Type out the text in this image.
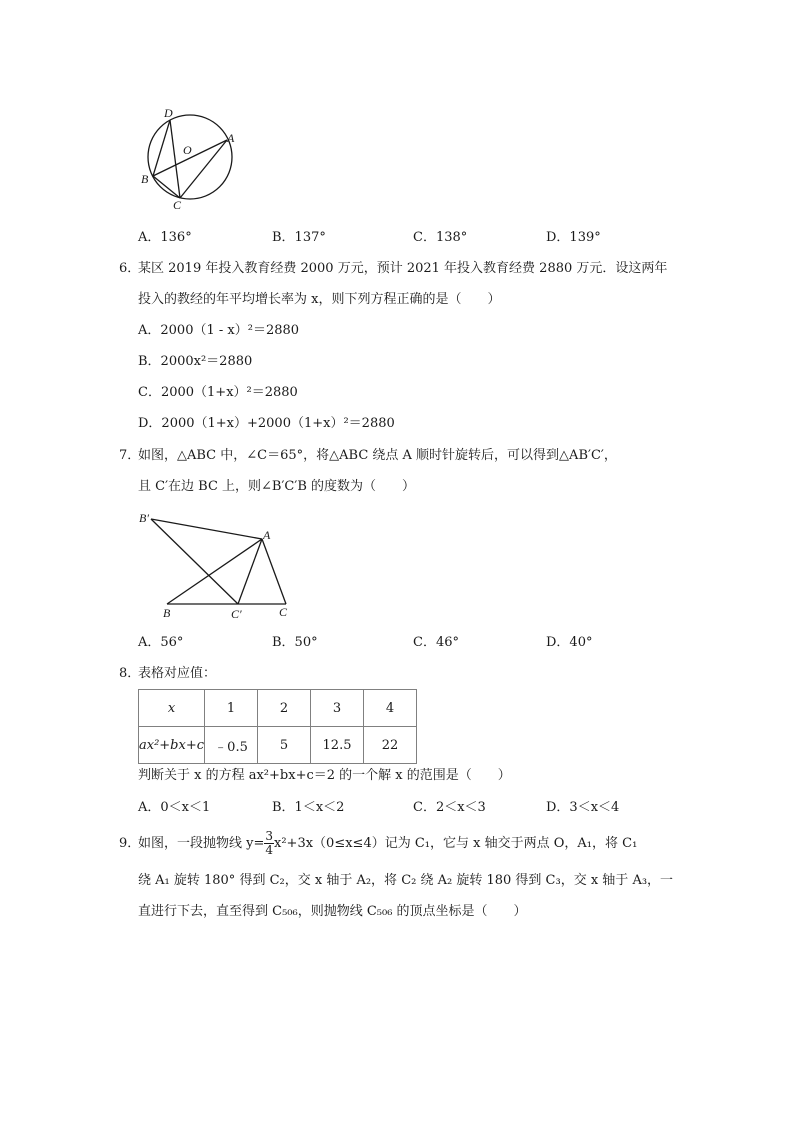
D
A
O
B
C
A．136°	B．137°	C．138°	D．139°
6．
某区 2019 年投入教育经费 2000 万元，预计 2021 年投入教育经费 2880 万元．设这两年
投入的教经的年平均增长率为 x，则下列方程正确的是（　　）
A．2000（1 - x）²＝2880
B．2000x²＝2880
C．2000（1+x）²＝2880
D．2000（1+x）+2000（1+x）²＝2880
7．
如图，△ABC 中，∠C＝65°，将△ABC 绕点 A 顺时针旋转后，可以得到△AB′C′，
且 C′在边 BC 上，则∠B′C′B 的度数为（　　）
B′
A
B	C′	C
A．56°	B．50°	C．46°	D．40°
8．
表格对应值：
x	1	2	3	4
ax²+bx+c	﹣0.5	5	12.5	22
判断关于 x 的方程 ax²+bx+c＝2 的一个解 x 的范围是（　　）
A．0＜x＜1	B．1＜x＜2	C．2＜x＜3	D．3＜x＜4
9．
如图，一段抛物线 $y= \frac{3}{4} x^2+3x(0\le x\le 4)$记为 C₁，它与 x 轴交于两点 O，A₁，将 C₁
绕 A₁ 旋转 180° 得到 C₂，交 x 轴于 A₂，将 C₂ 绕 A₂ 旋转 180 得到 C₃，交 x 轴于 A₃，一
直进行下去，直至得到 C₅₀₆，则抛物线 C₅₀₆ 的顶点坐标是（　　）
